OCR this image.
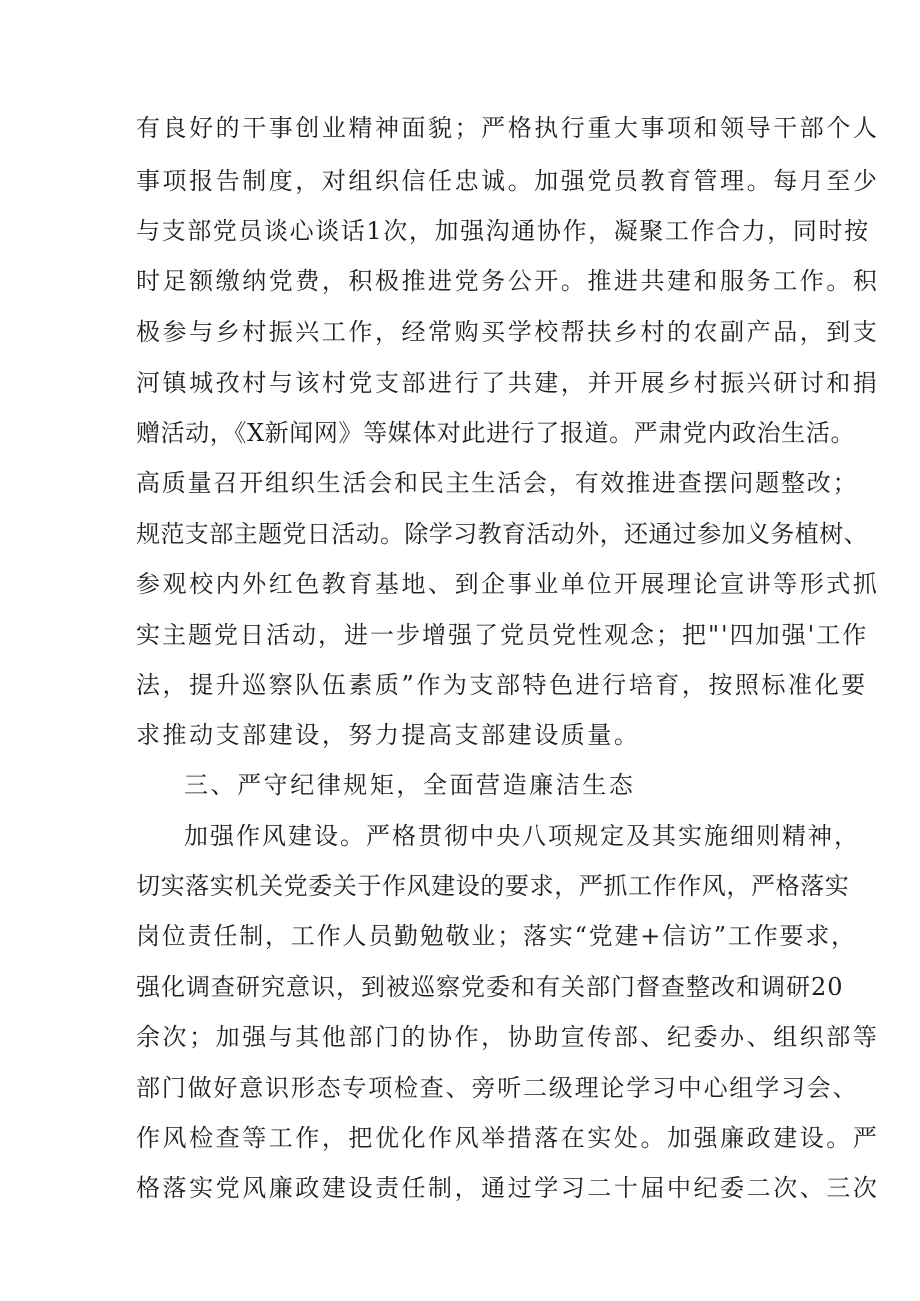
有良好的干事创业精神面貌；严格执行重大事项和领导干部个人
事项报告制度，对组织信任忠诚。加强党员教育管理。每月至少
与支部党员谈心谈话1次，加强沟通协作，凝聚工作合力，同时按
时足额缴纳党费，积极推进党务公开。推进共建和服务工作。积
极参与乡村振兴工作，经常购买学校帮扶乡村的农副产品，到支
河镇城孜村与该村党支部进行了共建，并开展乡村振兴研讨和捐
赠活动，《X新闻网》等媒体对此进行了报道。严肃党内政治生活。
高质量召开组织生活会和民主生活会，有效推进查摆问题整改；
规范支部主题党日活动。除学习教育活动外，还通过参加义务植树、
参观校内外红色教育基地、到企事业单位开展理论宣讲等形式抓
实主题党日活动，进一步增强了党员党性观念；把"'四加强'工作
法，提升巡察队伍素质”作为支部特色进行培育，按照标准化要
求推动支部建设，努力提高支部建设质量。
三、严守纪律规矩，全面营造廉洁生态
加强作风建设。严格贯彻中央八项规定及其实施细则精神，
切实落实机关党委关于作风建设的要求，严抓工作作风，严格落实
岗位责任制，工作人员勤勉敬业；落实“党建+信访”工作要求，
强化调查研究意识，到被巡察党委和有关部门督查整改和调研20
余次；加强与其他部门的协作，协助宣传部、纪委办、组织部等
部门做好意识形态专项检查、旁听二级理论学习中心组学习会、
作风检查等工作，把优化作风举措落在实处。加强廉政建设。严
格落实党风廉政建设责任制，通过学习二十届中纪委二次、三次
